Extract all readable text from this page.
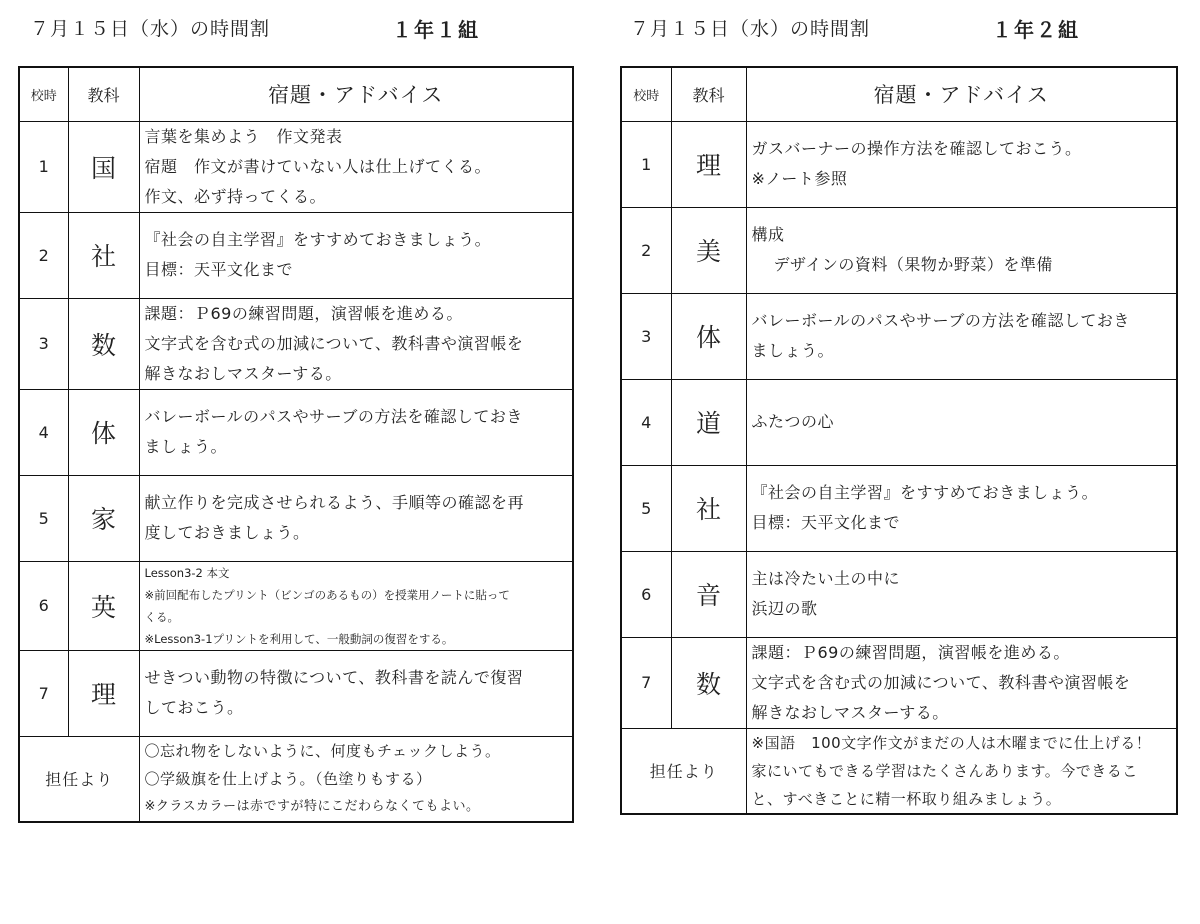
７月１５日（水）の時間割	１年１組
校時	教科	宿題・アドバイス
1	国	言葉を集めよう　作文発表
宿題　作文が書けていない人は仕上げてくる。
作文、必ず持ってくる。

2	社	『社会の自主学習』をすすめておきましょう。
目標：天平文化まで

3	数	課題：Ｐ69の練習問題，演習帳を進める。
文字式を含む式の加減について、教科書や演習帳を
解きなおしマスターする。

4	体	バレーボールのパスやサーブの方法を確認しておき
ましょう。

5	家	献立作りを完成させられるよう、手順等の確認を再
度しておきましょう。

6	英	Lesson3-2 本文
※前回配布したプリント（ビンゴのあるもの）を授業用ノートに貼って
くる。
※Lesson3-1プリントを利用して、一般動詞の復習をする。

7	理	せきつい動物の特徴について、教科書を読んで復習
しておこう。

担任より		〇忘れ物をしないように、何度もチェックしよう。
〇学級旗を仕上げよう。（色塗りもする）
※クラスカラーは赤ですが特にこだわらなくてもよい。
７月１５日（水）の時間割	１年２組
校時	教科	宿題・アドバイス
1	理	ガスバーナーの操作方法を確認しておこう。
※ノート参照

2	美	構成
デザインの資料（果物か野菜）を準備

3	体	バレーボールのパスやサーブの方法を確認しておき
ましょう。

4	道	ふたつの心

5	社	『社会の自主学習』をすすめておきましょう。
目標：天平文化まで

6	音	主は冷たい土の中に
浜辺の歌

7	数	課題：Ｐ69の練習問題，演習帳を進める。
文字式を含む式の加減について、教科書や演習帳を
解きなおしマスターする。

担任より		※国語　100文字作文がまだの人は木曜までに仕上げる！
家にいてもできる学習はたくさんあります。今できるこ
と、すべきことに精一杯取り組みましょう。
